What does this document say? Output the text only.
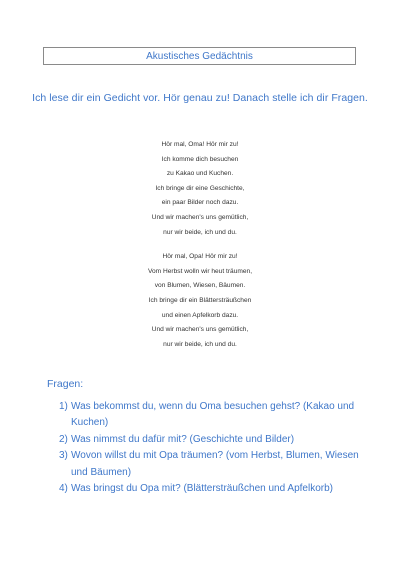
Akustisches Gedächtnis
Ich lese dir ein Gedicht vor. Hör genau zu! Danach stelle ich dir Fragen.
Hör mal, Oma! Hör mir zu!
Ich komme dich besuchen
zu Kakao und Kuchen.
Ich bringe dir eine Geschichte,
ein paar Bilder noch dazu.
Und wir machen's uns gemütlich,
nur wir beide, ich und du.
Hör mal, Opa! Hör mir zu!
Vom Herbst wolln wir heut träumen,
von Blumen, Wiesen, Bäumen.
Ich bringe dir ein Blättersträußchen
und einen Apfelkorb dazu.
Und wir machen's uns gemütlich,
nur wir beide, ich und du.
Fragen:
1) Was bekommst du, wenn du Oma besuchen gehst? (Kakao und Kuchen)
2) Was nimmst du dafür mit? (Geschichte und Bilder)
3) Wovon willst du mit Opa träumen? (vom Herbst, Blumen, Wiesen und Bäumen)
4) Was bringst du Opa mit? (Blättersträußchen und Apfelkorb)
